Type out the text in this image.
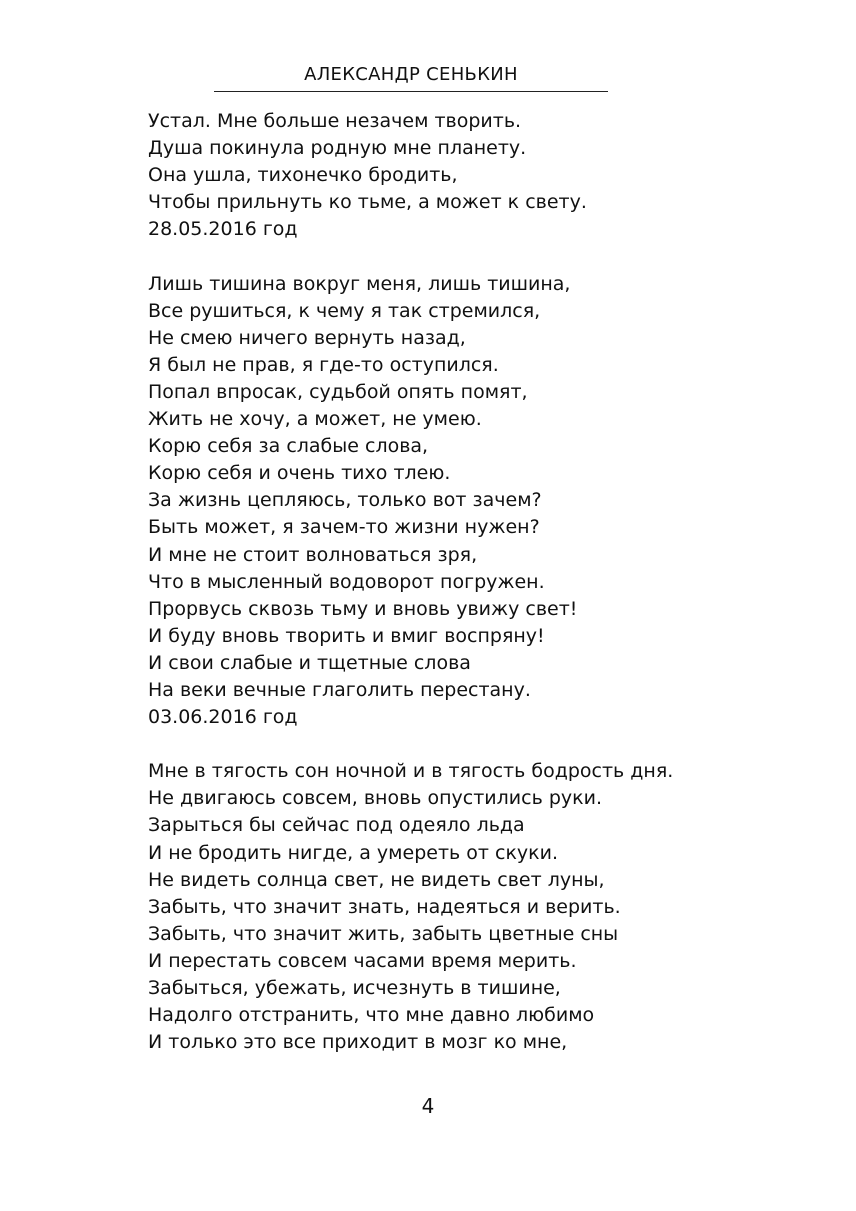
АЛЕКСАНДР СЕНЬКИН
Устал. Мне больше незачем творить.
Душа покинула родную мне планету.
Она ушла, тихонечко бродить,
Чтобы прильнуть ко тьме, а может к свету.
28.05.2016 год
Лишь тишина вокруг меня, лишь тишина,
Все рушиться, к чему я так стремился,
Не смею ничего вернуть назад,
Я был не прав, я где-то оступился.
Попал впросак, судьбой опять помят,
Жить не хочу, а может, не умею.
Корю себя за слабые слова,
Корю себя и очень тихо тлею.
За жизнь цепляюсь, только вот зачем?
Быть может, я зачем-то жизни нужен?
И мне не стоит волноваться зря,
Что в мысленный водоворот погружен.
Прорвусь сквозь тьму и вновь увижу свет!
И буду вновь творить и вмиг воспряну!
И свои слабые и тщетные слова
На веки вечные глаголить перестану.
03.06.2016 год
Мне в тягость сон ночной и в тягость бодрость дня.
Не двигаюсь совсем, вновь опустились руки.
Зарыться бы сейчас под одеяло льда
И не бродить нигде, а умереть от скуки.
Не видеть солнца свет, не видеть свет луны,
Забыть, что значит знать, надеяться и верить.
Забыть, что значит жить, забыть цветные сны
И перестать совсем часами время мерить.
Забыться, убежать, исчезнуть в тишине,
Надолго отстранить, что мне давно любимо
И только это все приходит в мозг ко мне,
4
